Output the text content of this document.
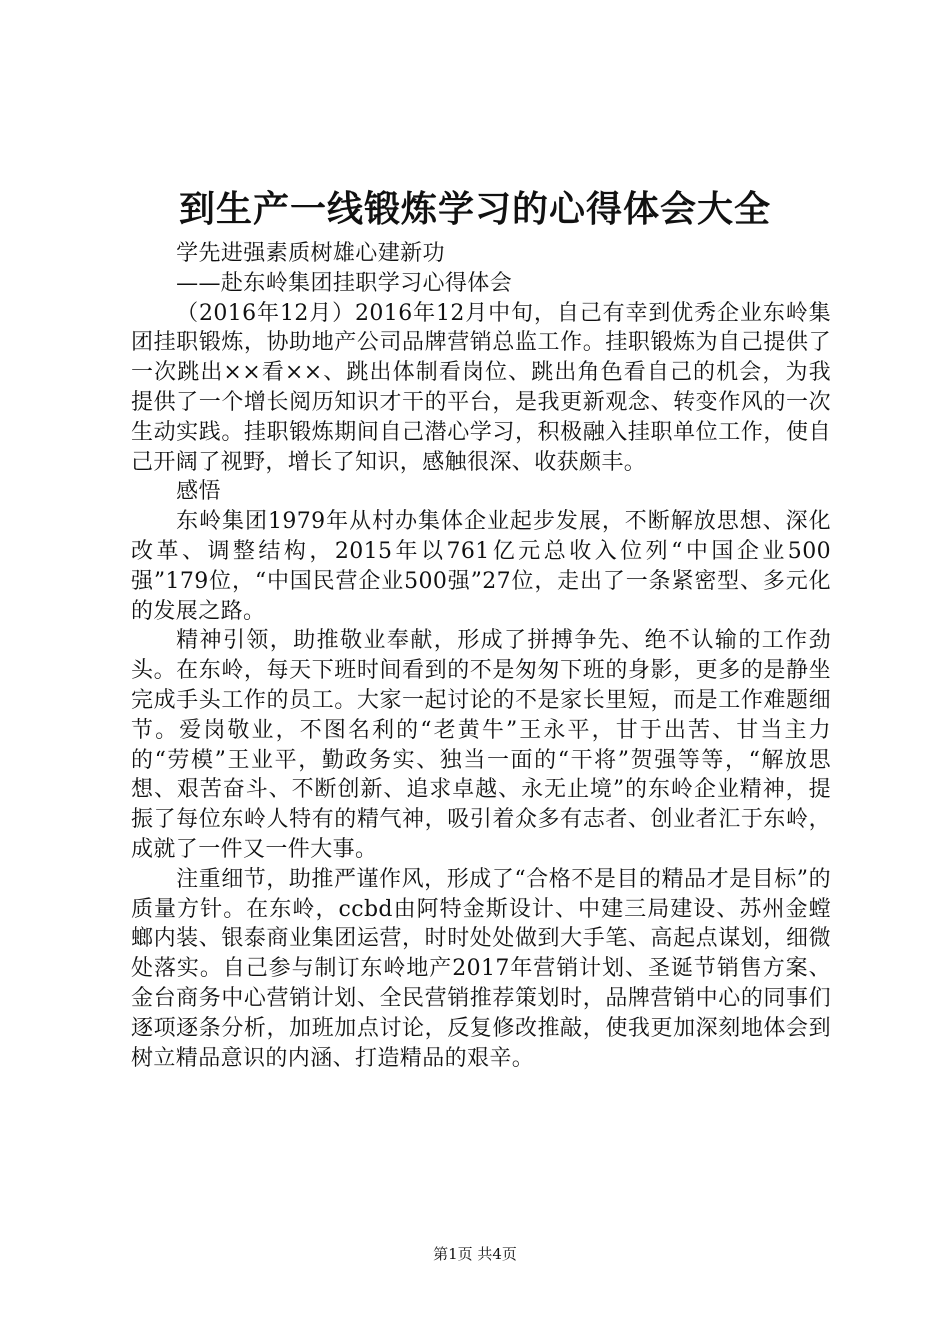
到生产一线锻炼学习的心得体会大全

学先进强素质树雄心建新功

——赴东岭集团挂职学习心得体会

（2016年12月）2016年12月中旬，自己有幸到优秀企业东岭集团挂职锻炼，协助地产公司品牌营销总监工作。挂职锻炼为自己提供了一次跳出××看××、跳出体制看岗位、跳出角色看自己的机会，为我提供了一个增长阅历知识才干的平台，是我更新观念、转变作风的一次生动实践。挂职锻炼期间自己潜心学习，积极融入挂职单位工作，使自己开阔了视野，增长了知识，感触很深、收获颇丰。

感悟

东岭集团1979年从村办集体企业起步发展，不断解放思想、深化改革、调整结构，2015年以761亿元总收入位列“中国企业500强”179位，“中国民营企业500强”27位，走出了一条紧密型、多元化的发展之路。

精神引领，助推敬业奉献，形成了拼搏争先、绝不认输的工作劲头。在东岭，每天下班时间看到的不是匆匆下班的身影，更多的是静坐完成手头工作的员工。大家一起讨论的不是家长里短，而是工作难题细节。爱岗敬业，不图名利的“老黄牛”王永平，甘于出苦、甘当主力的“劳模”王业平，勤政务实、独当一面的“干将”贺强等等，“解放思想、艰苦奋斗、不断创新、追求卓越、永无止境”的东岭企业精神，提振了每位东岭人特有的精气神，吸引着众多有志者、创业者汇于东岭，成就了一件又一件大事。

注重细节，助推严谨作风，形成了“合格不是目的精品才是目标”的质量方针。在东岭，ccbd由阿特金斯设计、中建三局建设、苏州金螳螂内装、银泰商业集团运营，时时处处做到大手笔、高起点谋划，细微处落实。自己参与制订东岭地产2017年营销计划、圣诞节销售方案、金台商务中心营销计划、全民营销推荐策划时，品牌营销中心的同事们逐项逐条分析，加班加点讨论，反复修改推敲，使我更加深刻地体会到树立精品意识的内涵、打造精品的艰辛。

第1页 共4页
